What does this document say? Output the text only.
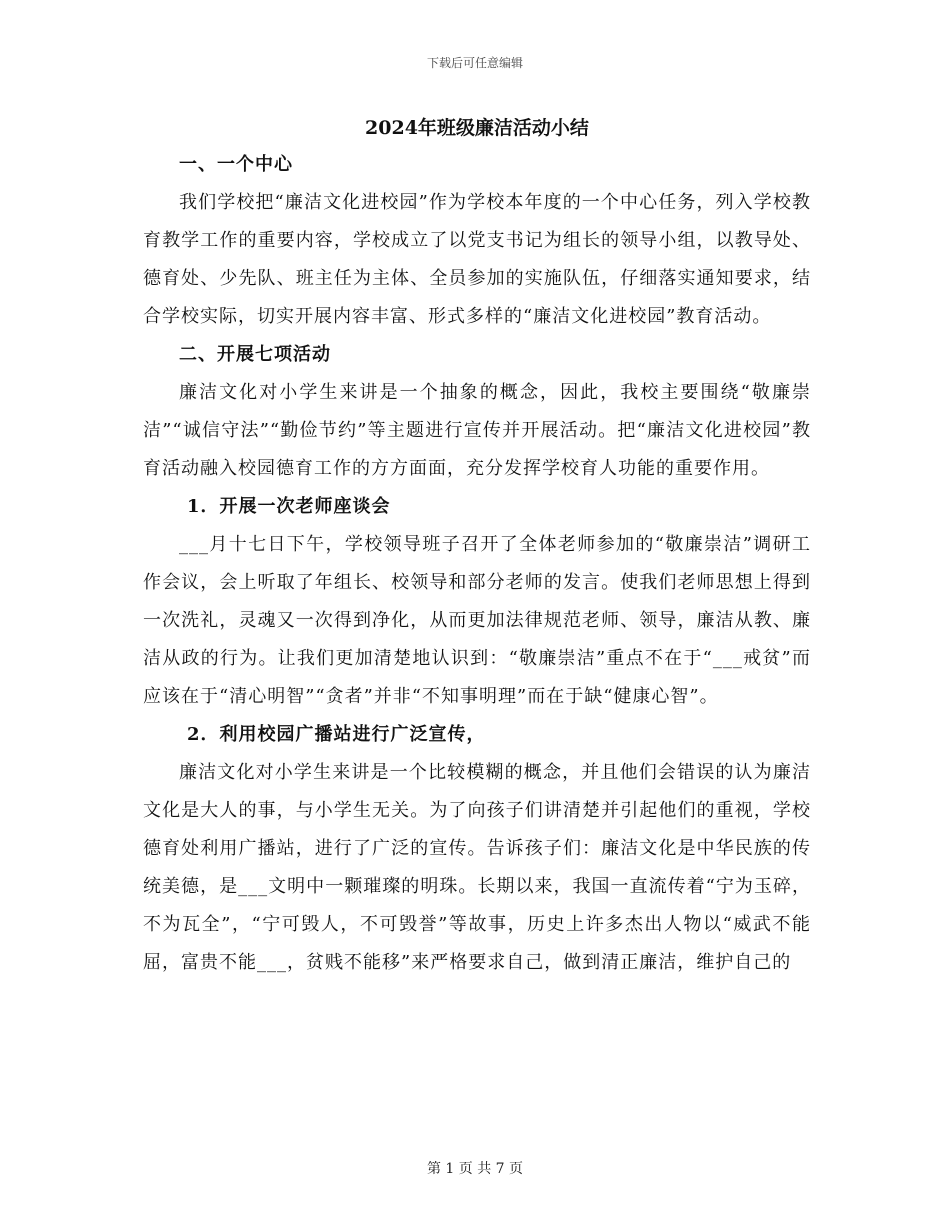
下载后可任意编辑
2024年班级廉洁活动小结
一、一个中心
我们学校把“廉洁文化进校园”作为学校本年度的一个中心任务，列入学校教育教学工作的重要内容，学校成立了以党支书记为组长的领导小组，以教导处、德育处、少先队、班主任为主体、全员参加的实施队伍，仔细落实通知要求，结合学校实际，切实开展内容丰富、形式多样的“廉洁文化进校园”教育活动。
二、开展七项活动
廉洁文化对小学生来讲是一个抽象的概念，因此，我校主要围绕“敬廉崇洁”“诚信守法”“勤俭节约”等主题进行宣传并开展活动。把“廉洁文化进校园”教育活动融入校园德育工作的方方面面，充分发挥学校育人功能的重要作用。
1．开展一次老师座谈会
___月十七日下午，学校领导班子召开了全体老师参加的“敬廉崇洁”调研工作会议，会上听取了年组长、校领导和部分老师的发言。使我们老师思想上得到一次洗礼，灵魂又一次得到净化，从而更加法律规范老师、领导，廉洁从教、廉洁从政的行为。让我们更加清楚地认识到：“敬廉崇洁”重点不在于“___戒贫”而应该在于“清心明智”“贪者”并非“不知事明理”而在于缺“健康心智”。
2．利用校园广播站进行广泛宣传，
廉洁文化对小学生来讲是一个比较模糊的概念，并且他们会错误的认为廉洁文化是大人的事，与小学生无关。为了向孩子们讲清楚并引起他们的重视，学校德育处利用广播站，进行了广泛的宣传。告诉孩子们：廉洁文化是中华民族的传统美德，是___文明中一颗璀璨的明珠。长期以来，我国一直流传着“宁为玉碎，不为瓦全”，“宁可毁人，不可毁誉”等故事，历史上许多杰出人物以“威武不能屈，富贵不能___，贫贱不能移”来严格要求自己，做到清正廉洁，维护自己的
第 1 页 共 7 页
